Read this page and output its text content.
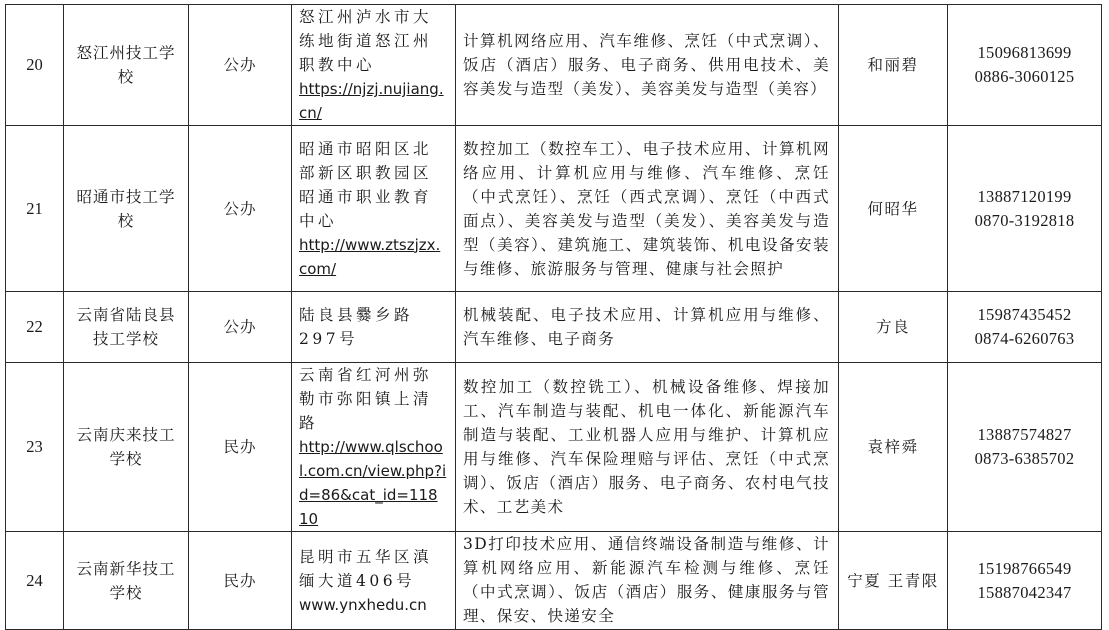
20	怒江州技工学校	公办	怒江州泸水市大练地街道怒江州职教中心
https://njzj.nujiang.cn/	计算机网络应用、汽车维修、烹饪（中式烹调）、饭店（酒店）服务、电子商务、供用电技术、美容美发与造型（美发）、美容美发与造型（美容）	和丽碧	15096813699
0886-3060125

21	昭通市技工学校	公办	昭通市昭阳区北部新区职教园区昭通市职业教育中心
http://www.ztszjzx.com/	数控加工（数控车工）、电子技术应用、计算机网络应用、计算机应用与维修、汽车维修、烹饪（中式烹饪）、烹饪（西式烹调）、烹饪（中西式面点）、美容美发与造型（美发）、美容美发与造型（美容）、建筑施工、建筑装饰、机电设备安装与维修、旅游服务与管理、健康与社会照护	何昭华	13887120199
0870-3192818

22	云南省陆良县技工学校	公办	陆良县爨乡路297号	机械装配、电子技术应用、计算机应用与维修、汽车维修、电子商务	方良	15987435452
0874-6260763

23	云南庆来技工学校	民办	云南省红河州弥勒市弥阳镇上清路
http://www.qlschool.com.cn/view.php?id=86&cat_id=11810	数控加工（数控铣工）、机械设备维修、焊接加工、汽车制造与装配、机电一体化、新能源汽车制造与装配、工业机器人应用与维护、计算机应用与维修、汽车保险理赔与评估、烹饪（中式烹调）、饭店（酒店）服务、电子商务、农村电气技术、工艺美术	袁梓舜	13887574827
0873-6385702

24	云南新华技工学校	民办	昆明市五华区滇缅大道406号
www.ynxhedu.cn	3D打印技术应用、通信终端设备制造与维修、计算机网络应用、新能源汽车检测与维修、烹饪（中式烹调）、饭店（酒店）服务、健康服务与管理、保安、快递安全	宁夏 王青限	15198766549
15887042347
